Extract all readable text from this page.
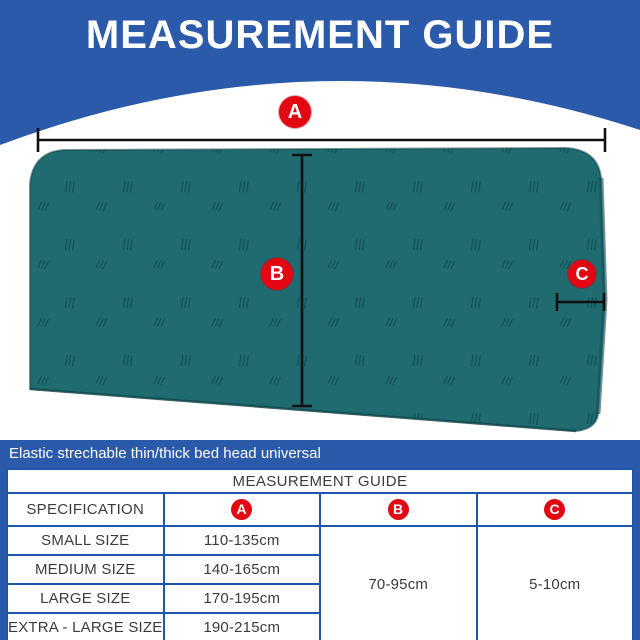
MEASUREMENT GUIDE
A
B	C
Elastic strechable thin/thick bed head universal
MEASUREMENT GUIDE			
SPECIFICATION	A	B	C
SMALL SIZE	110-135cm	70-95cm	5-10cm
MEDIUM SIZE	140-165cm		
LARGE SIZE	170-195cm		
EXTRA - LARGE SIZE	190-215cm		
